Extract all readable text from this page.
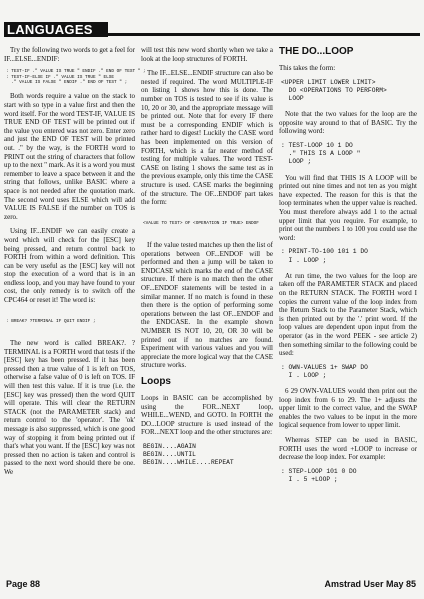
LANGUAGES

Try the following two words to get a feel for IF...ELSE...ENDIF:

: TEST-IF ." VALUE IS TRUE " ENDIF ." END OF TEST " ;
: TEST-IF-ELSE IF ." VALUE IS TRUE " ELSE
." VALUE IS FALSE " ENDIF ." END OF TEST " ;

Both words require a value on the stack to start with so type in a value first and then the word itself. For the word TEST-IF, VALUE IS TRUE END OF TEST will be printed out if the value you entered was not zero. Enter zero and just the END OF TEST will be printed out. ." by the way, is the FORTH word to PRINT out the string of characters that follow up to the next " mark. As it is a word you must remember to leave a space between it and the string that follows, unlike BASIC where a space is not needed after the quotation mark. The second word uses ELSE which will add VALUE IS FALSE if the number on TOS is zero.

Using IF...ENDIF we can easily create a word which will check for the [ESC] key being pressed, and return control back to FORTH from within a word definition. This can be very useful as the [ESC] key will not stop the execution of a word that is in an endless loop, and you may have found to your cost, the only remedy is to switch off the CPC464 or reset it! The word is:

: BREAK? ?TERMINAL IF QUIT ENDIF ;

The new word is called BREAK?. ?TERMINAL is a FORTH word that tests if the [ESC] key has been pressed. If it has been pressed then a true value of 1 is left on TOS, otherwise a false value of 0 is left on TOS. IF will then test this value. If it is true (i.e. the [ESC] key was pressed) then the word QUIT will operate. This will clear the RETURN STACK (not the PARAMETER stack) and return control to the 'operator'. The 'ok' message is also suppressed, which is one good way of stopping it from being printed out if that's what you want. If the [ESC] key was not pressed then no action is taken and control is passed to the next word should there be one. We

will test this new word shortly when we take a look at the loop structures of FORTH.

The IF...ELSE...ENDIF structure can also be nested if required. The word MULTIPLE-IF on listing 1 shows how this is done. The number on TOS is tested to see if its value is 10, 20 or 30, and the appropriate message will be printed out. Note that for every IF there must be a corresponding ENDIF which is rather hard to digest! Luckily the CASE word has been implemented on this version of FORTH, which is a far neater method of testing for multiple values. The word TEST-CASE on listing 1 shows the same test as in the previous example, only this time the CASE structure is used. CASE marks the beginning of the structure. The OF...ENDOF part takes the form:

<VALUE TO TEST> OF <OPERATION IF TRUE> ENDOF

If the value tested matches up then the list of operations between OF...ENDOF will be performed and then a jump will be taken to ENDCASE which marks the end of the CASE structure. If there is no match then the other OF...ENDOF statements will be tested in a similar manner. If no match is found in these then there is the option of performing some operations between the last OF...ENDOF and the ENDCASE. In the example shown NUMBER IS NOT 10, 20, OR 30 will be printed out if no matches are found. Experiment with various values and you will appreciate the more logical way that the CASE structure works.

Loops

Loops in BASIC can be accomplished by using the FOR...NEXT loop, WHILE...WEND, and GOTO. In FORTH the DO...LOOP structure is used instead of the FOR...NEXT loop and the other structures are:

BEGIN....AGAIN
BEGIN....UNTIL
BEGIN....WHILE....REPEAT
THE DO...LOOP

This takes the form:

<UPPER LIMIT LOWER LIMIT>
DO <OPERATIONS TO PERFORM>
LOOP

Note that the two values for the loop are the opposite way around to that of BASIC. Try the following word:

: TEST-LOOP 10 1 DO
." THIS IS A LOOP "
LOOP ;

You will find that THIS IS A LOOP will be printed out nine times and not ten as you might have expected. The reason for this is that the loop terminates when the upper value is reached. You must therefore always add 1 to the actual upper limit that you require. For example, to print out the numbers 1 to 100 you could use the word:

: PRINT-TO-100 101 1 DO
I . LOOP ;

At run time, the two values for the loop are taken off the PARAMETER STACK and placed on the RETURN STACK. The FORTH word I copies the current value of the loop index from the Return Stack to the Parameter Stack, which is then printed out by the '.' print word. If the loop values are dependent upon input from the operator (as in the word PEEK - see article 2) then something similar to the following could be used:

: OWN-VALUES 1+ SWAP DO
I . LOOP ;

6 29 OWN-VALUES would then print out the loop index from 6 to 29. The 1+ adjusts the upper limit to the correct value, and the SWAP enables the two values to be input in the more logical sequence from lower to upper limit.

Whereas STEP can be used in BASIC, FORTH uses the word +LOOP to increase or decrease the loop index. For example:

: STEP-LOOP 101 0 DO
I . 5 +LOOP ;
Page 88	Amstrad User May 85
